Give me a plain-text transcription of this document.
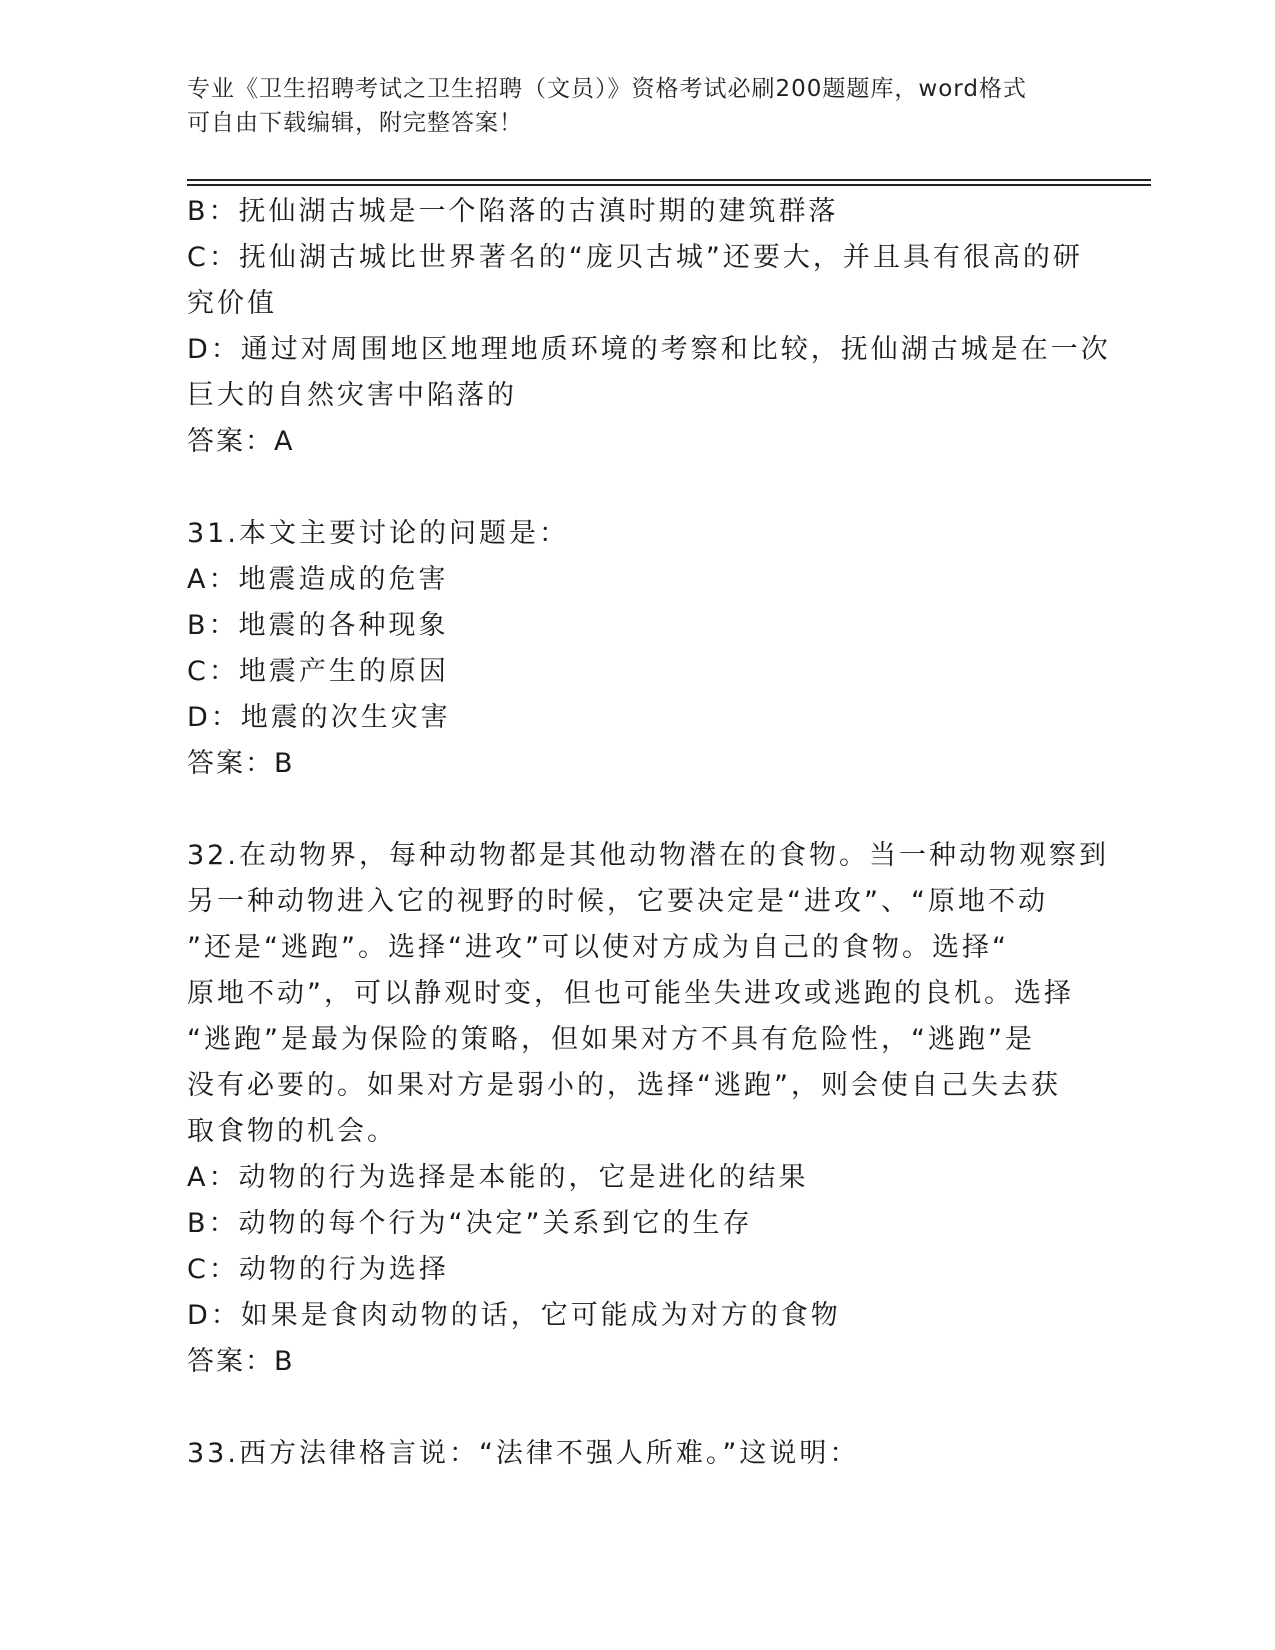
专业《卫生招聘考试之卫生招聘（文员）》资格考试必刷200题题库，word格式
可自由下载编辑，附完整答案！
B：抚仙湖古城是一个陷落的古滇时期的建筑群落
C：抚仙湖古城比世界著名的“庞贝古城”还要大，并且具有很高的研
究价值
D：通过对周围地区地理地质环境的考察和比较，抚仙湖古城是在一次
巨大的自然灾害中陷落的
答案：A
31.本文主要讨论的问题是：
A：地震造成的危害
B：地震的各种现象
C：地震产生的原因
D：地震的次生灾害
答案：B
32.在动物界，每种动物都是其他动物潜在的食物。当一种动物观察到
另一种动物进入它的视野的时候，它要决定是“进攻”、“原地不动
”还是“逃跑”。选择“进攻”可以使对方成为自己的食物。选择“
原地不动”，可以静观时变，但也可能坐失进攻或逃跑的良机。选择
“逃跑”是最为保险的策略，但如果对方不具有危险性，“逃跑”是
没有必要的。如果对方是弱小的，选择“逃跑”，则会使自己失去获
取食物的机会。
A：动物的行为选择是本能的，它是进化的结果
B：动物的每个行为“决定”关系到它的生存
C：动物的行为选择
D：如果是食肉动物的话，它可能成为对方的食物
答案：B
33.西方法律格言说：“法律不强人所难。”这说明：
